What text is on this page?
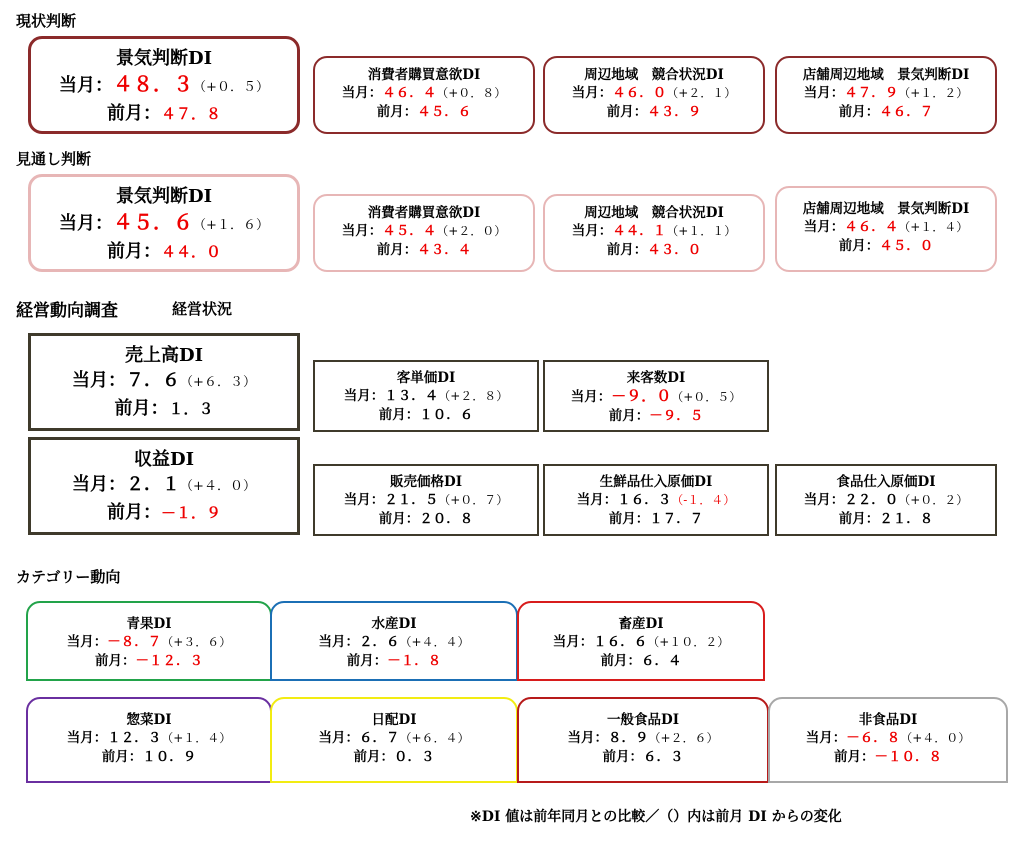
現状判断
見通し判断
経営動向調査	経営状況
カテゴリー動向
景気判断DI
当月：４８．３（+０．５）
前月：４７．８
消費者購買意欲DI
当月：４６．４（+０．８）
前月：４５．６
周辺地域　競合状況DI
当月：４６．０（+２．１）
前月：４３．９
店舗周辺地域　景気判断DI
当月：４７．９（+１．２）
前月：４６．７
景気判断DI
当月：４５．６（+１．６）
前月：４４．０
消費者購買意欲DI
当月：４５．４（+２．０）
前月：４３．４
周辺地域　競合状況DI
当月：４４．１（+１．１）
前月：４３．０
店舗周辺地域　景気判断DI
当月：４６．４（+１．４）
前月：４５．０
売上高DI
当月：７．６（+６．３）
前月：１．３
収益DI
当月：２．１（+４．０）
前月：－１．９
客単価DI
当月：１３．４（+２．８）
前月：１０．６
来客数DI
当月：－９．０（+０．５）
前月：－９．５
販売価格DI
当月：２１．５（+０．７）
前月：２０．８
生鮮品仕入原価DI
当月：１６．３（-１．４）
前月：１７．７
食品仕入原価DI
当月：２２．０（+０．２）
前月：２１．８
青果DI
当月：－８．７（+３．６）
前月：－１２．３
水産DI
当月：２．６（+４．４）
前月：－１．８
畜産DI
当月：１６．６（+１０．２）
前月：６．４
惣菜DI
当月：１２．３（+１．４）
前月：１０．９
日配DI
当月：６．７（+６．４）
前月：０．３
一般食品DI
当月：８．９（+２．６）
前月：６．３
非食品DI
当月：－６．８（+４．０）
前月：－１０．８
※DI 値は前年同月との比較／（）内は前月 DI からの変化
